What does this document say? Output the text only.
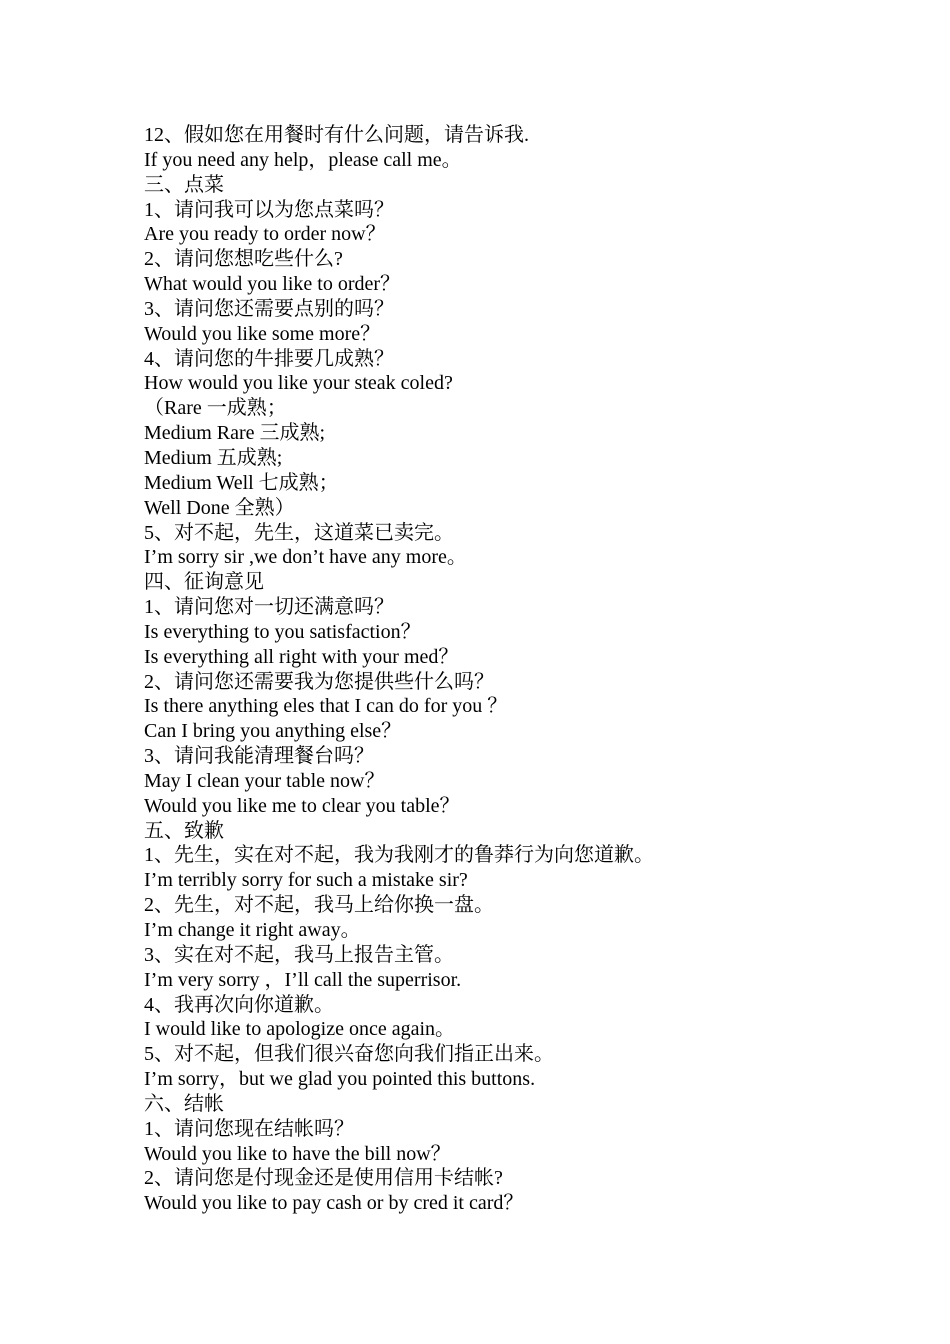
12、假如您在用餐时有什么问题，请告诉我.
If you need any help，please call me。
三、点菜
1、请问我可以为您点菜吗？
Are you ready to order now？
2、请问您想吃些什么?
What would you like to order？
3、请问您还需要点别的吗？
Would you like some more？
4、请问您的牛排要几成熟？
How would you like your steak coled?
（Rare 一成熟；
Medium Rare 三成熟;
Medium 五成熟;
Medium Well 七成熟；
Well Done 全熟）
5、对不起，先生，这道菜已卖完。
I’m sorry sir ,we don’t have any more。
四、征询意见
1、请问您对一切还满意吗？
Is everything to you satisfaction？
Is everything all right with your med？
2、请问您还需要我为您提供些什么吗？
Is there anything eles that I can do for you ？
Can I bring you anything else？
3、请问我能清理餐台吗？
May I clean your table now？
Would you like me to clear you table？
五、致歉
1、先生，实在对不起，我为我刚才的鲁莽行为向您道歉。
I’m terribly sorry for such a mistake sir?
2、先生，对不起，我马上给你换一盘。
I’m change it right away。
3、实在对不起，我马上报告主管。
I’m very sorry ，I’ll call the superrisor.
4、我再次向你道歉。
I would like to apologize once again。
5、对不起，但我们很兴奋您向我们指正出来。
I’m sorry，but we glad you pointed this buttons.
六、结帐
1、请问您现在结帐吗？
Would you like to have the bill now？
2、请问您是付现金还是使用信用卡结帐?
Would you like to pay cash or by cred it card？
